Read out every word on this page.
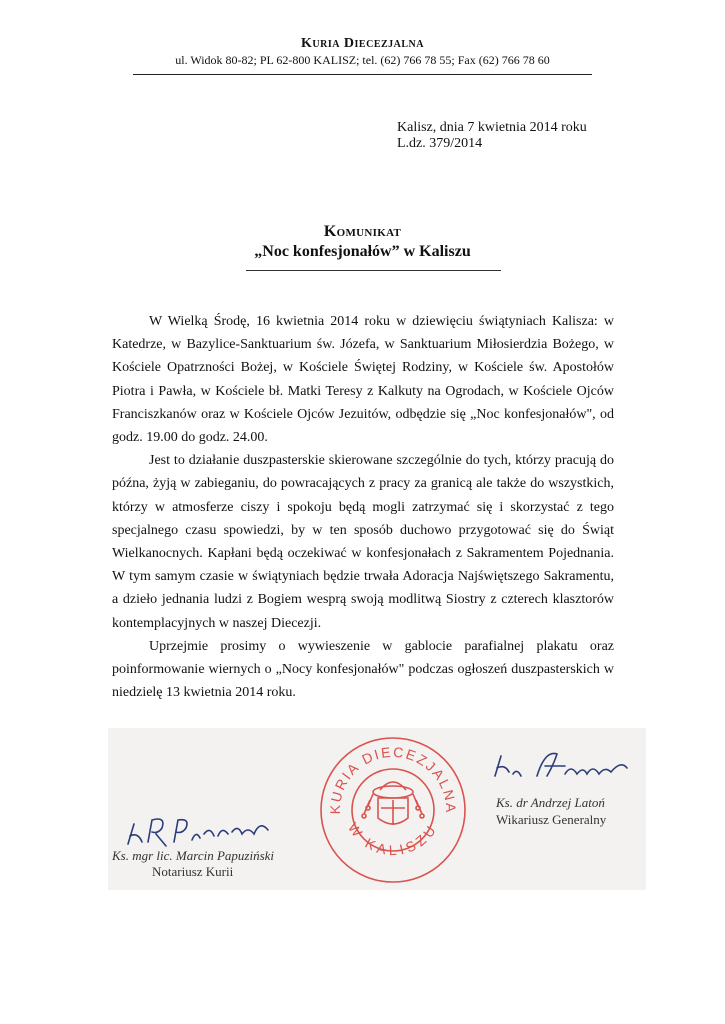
Kuria Diecezjalna
ul. Widok 80-82; PL 62-800 KALISZ; tel. (62) 766 78 55; Fax (62) 766 78 60
Kalisz, dnia 7 kwietnia 2014 roku
L.dz. 379/2014
Komunikat
„Noc konfesjonałów” w Kaliszu

W Wielką Środę, 16 kwietnia 2014 roku w dziewięciu świątyniach Kalisza: w Katedrze, w Bazylice-Sanktuarium św. Józefa, w Sanktuarium Miłosierdzia Bożego, w Kościele Opatrzności Bożej, w Kościele Świętej Rodziny, w Kościele św. Apostołów Piotra i Pawła, w Kościele bł. Matki Teresy z Kalkuty na Ogrodach, w Kościele Ojców Franciszkanów oraz w Kościele Ojców Jezuitów, odbędzie się „Noc konfesjonałów", od godz. 19.00 do godz. 24.00.

Jest to działanie duszpasterskie skierowane szczególnie do tych, którzy pracują do późna, żyją w zabieganiu, do powracających z pracy za granicą ale także do wszystkich, którzy w atmosferze ciszy i spokoju będą mogli zatrzymać się i skorzystać z tego specjalnego czasu spowiedzi, by w ten sposób duchowo przygotować się do Świąt Wielkanocnych. Kapłani będą oczekiwać w konfesjonałach z Sakramentem Pojednania. W tym samym czasie w świątyniach będzie trwała Adoracja Najświętszego Sakramentu, a dzieło jednania ludzi z Bogiem wesprą swoją modlitwą Siostry z czterech klasztorów kontemplacyjnych w naszej Diecezji.

Uprzejmie prosimy o wywieszenie w gablocie parafialnej plakatu oraz poinformowanie wiernych o „Nocy konfesjonałów" podczas ogłoszeń duszpasterskich w niedzielę 13 kwietnia 2014 roku.

KURIA DIECEZJALNA
W KALISZU
Ks. dr Andrzej Latoń
Wikariusz Generalny
Ks. mgr lic. Marcin Papuziński
Notariusz Kurii
